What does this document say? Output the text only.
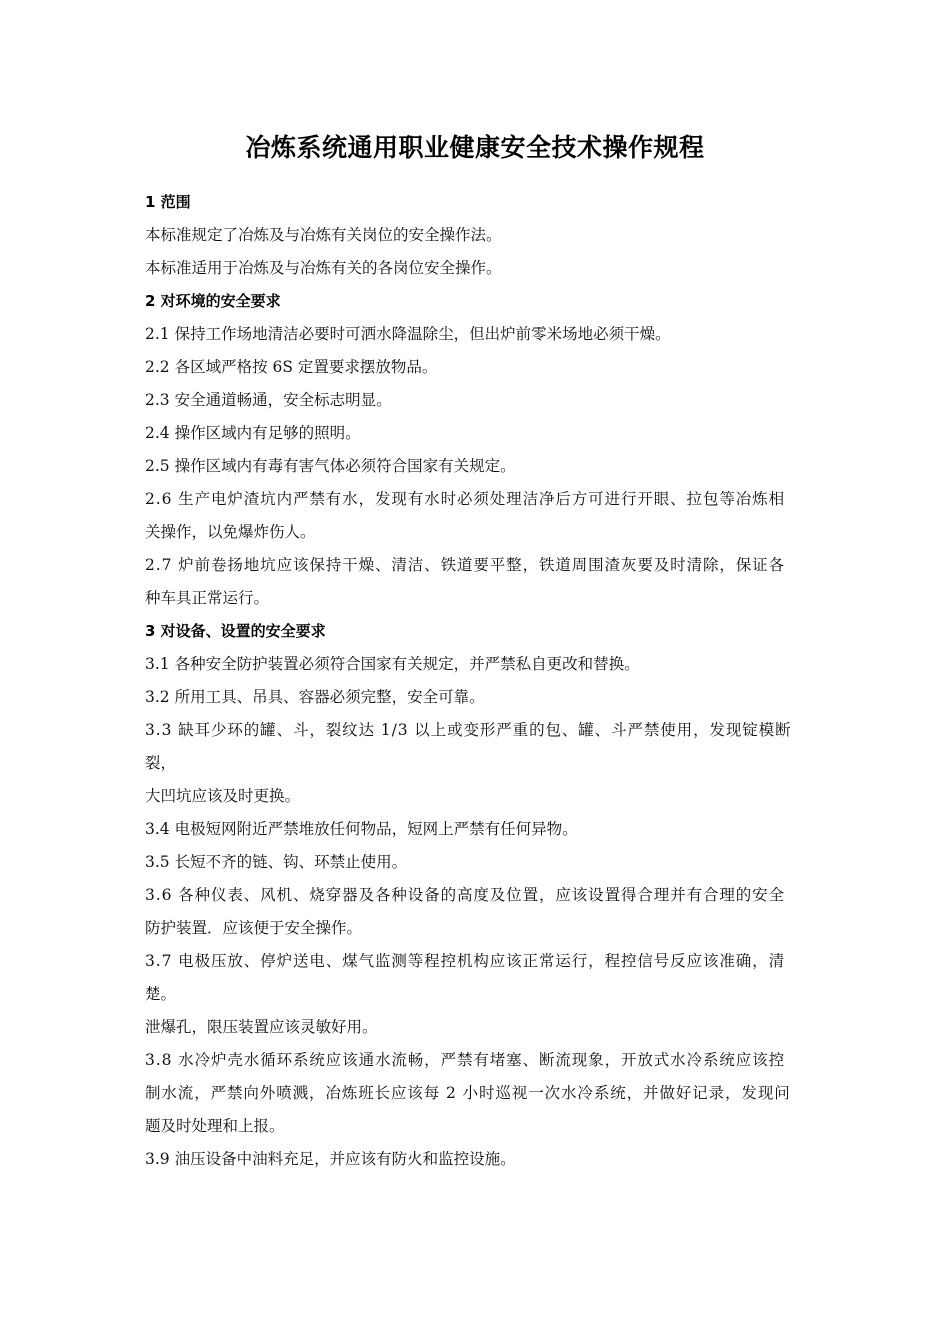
冶炼系统通用职业健康安全技术操作规程
1 范围
本标准规定了冶炼及与冶炼有关岗位的安全操作法。
本标准适用于冶炼及与冶炼有关的各岗位安全操作。
2 对环境的安全要求
2.1 保持工作场地清洁必要时可洒水降温除尘，但出炉前零米场地必须干燥。
2.2 各区域严格按 6S 定置要求摆放物品。
2.3 安全通道畅通，安全标志明显。
2.4 操作区域内有足够的照明。
2.5 操作区域内有毒有害气体必须符合国家有关规定。
2.6 生产电炉渣坑内严禁有水，发现有水时必须处理洁净后方可进行开眼、拉包等冶炼相
关操作，以免爆炸伤人。
2.7 炉前卷扬地坑应该保持干燥、清洁、铁道要平整，铁道周围渣灰要及时清除，保证各
种车具正常运行。
3 对设备、设置的安全要求
3.1 各种安全防护装置必须符合国家有关规定，并严禁私自更改和替换。
3.2 所用工具、吊具、容器必须完整，安全可靠。
3.3 缺耳少环的罐、斗，裂纹达 1/3 以上或变形严重的包、罐、斗严禁使用，发现锭模断
裂，
大凹坑应该及时更换。
3.4 电极短网附近严禁堆放任何物品，短网上严禁有任何异物。
3.5 长短不齐的链、钩、环禁止使用。
3.6 各种仪表、风机、烧穿器及各种设备的高度及位置，应该设置得合理并有合理的安全
防护装置．应该便于安全操作。
3.7 电极压放、停炉送电、煤气监测等程控机构应该正常运行，程控信号反应该准确，清
楚。
泄爆孔，限压装置应该灵敏好用。
3.8 水冷炉壳水循环系统应该通水流畅，严禁有堵塞、断流现象，开放式水冷系统应该控
制水流，严禁向外喷溅，冶炼班长应该每 2 小时巡视一次水冷系统，并做好记录，发现问
题及时处理和上报。
3.9 油压设备中油料充足，并应该有防火和监控设施。
